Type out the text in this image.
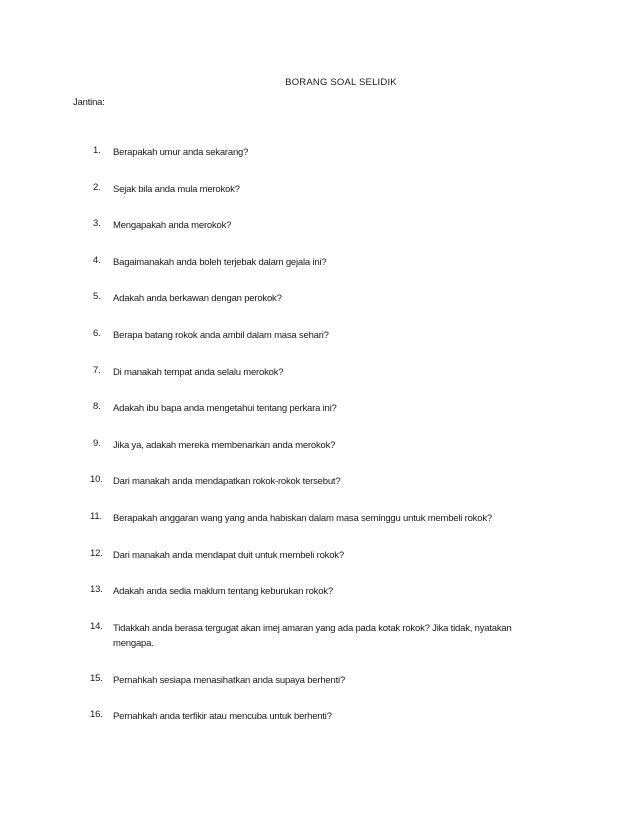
BORANG SOAL SELIDIK
Jantina:
1.	Berapakah umur anda sekarang?
2.	Sejak bila anda mula merokok?
3.	Mengapakah anda merokok?
4.	Bagaimanakah anda boleh terjebak dalam gejala ini?
5.	Adakah anda berkawan dengan perokok?
6.	Berapa batang rokok anda ambil dalam masa sehari?
7.	Di manakah tempat anda selalu merokok?
8.	Adakah ibu bapa anda mengetahui tentang perkara ini?
9.	Jika ya, adakah mereka membenarkan anda merokok?
10.	Dari manakah anda mendapatkan rokok-rokok tersebut?
11.	Berapakah anggaran wang yang anda habiskan dalam masa seminggu untuk membeli rokok?
12.	Dari manakah anda mendapat duit untuk membeli rokok?
13.	Adakah anda sedia maklum tentang keburukan rokok?
14.	Tidakkah anda berasa tergugat akan imej amaran yang ada pada kotak rokok? Jika tidak, nyatakan mengapa.
15.	Pernahkah sesiapa menasihatkan anda supaya berhenti?
16.	Pernahkah anda terfikir atau mencuba untuk berhenti?
